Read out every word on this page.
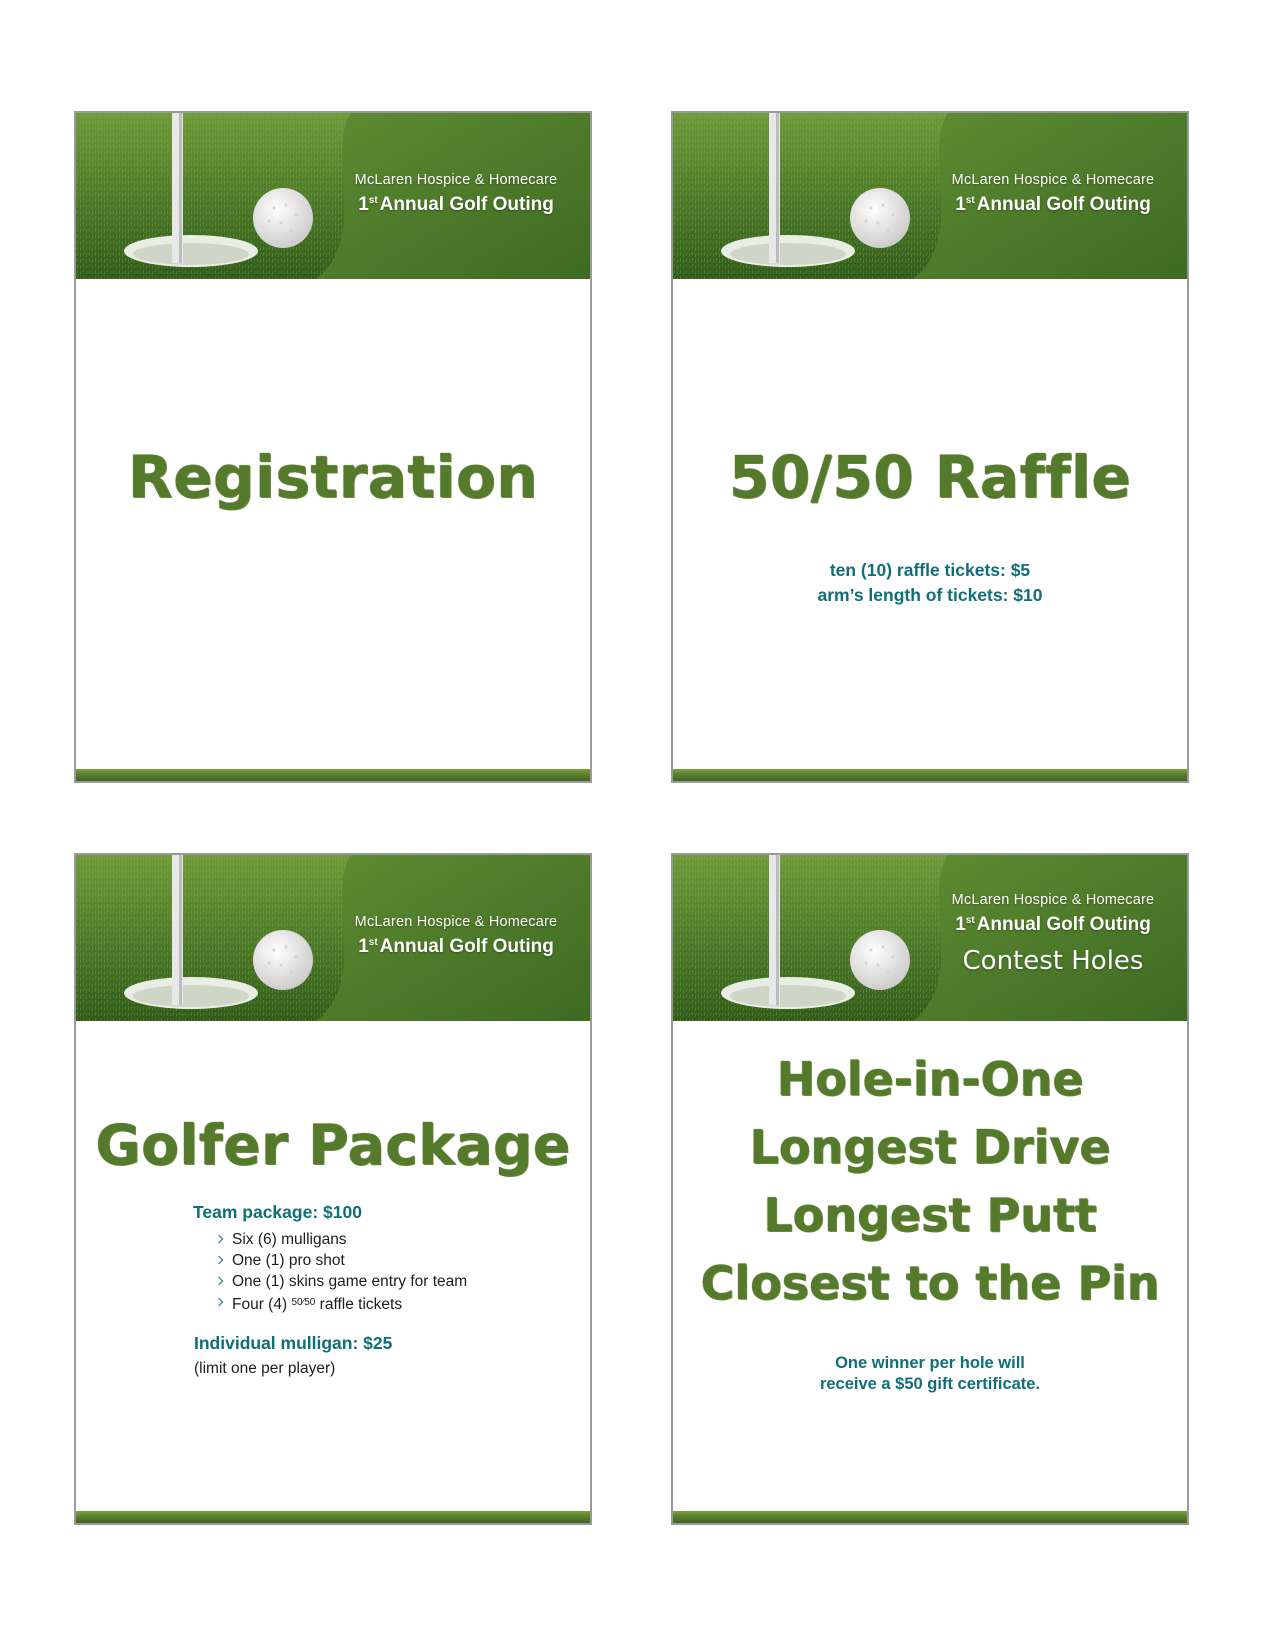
McLaren Hospice & Homecare
1st Annual Golf Outing
Registration
McLaren Hospice & Homecare
1st Annual Golf Outing
50/50 Raffle
ten (10) raffle tickets: $5
arm’s length of tickets: $10
McLaren Hospice & Homecare
1st Annual Golf Outing
Golfer Package
Team package: $100
Six (6) mulligans
One (1) pro shot
One (1) skins game entry for team
Four (4) $^{50⁄50}$ raffle tickets
Individual mulligan: $25
(limit one per player)
McLaren Hospice & Homecare
1st Annual Golf Outing
Contest Holes
Hole-in-One
Longest Drive
Longest Putt
Closest to the Pin
One winner per hole will
receive a $50 gift certificate.
